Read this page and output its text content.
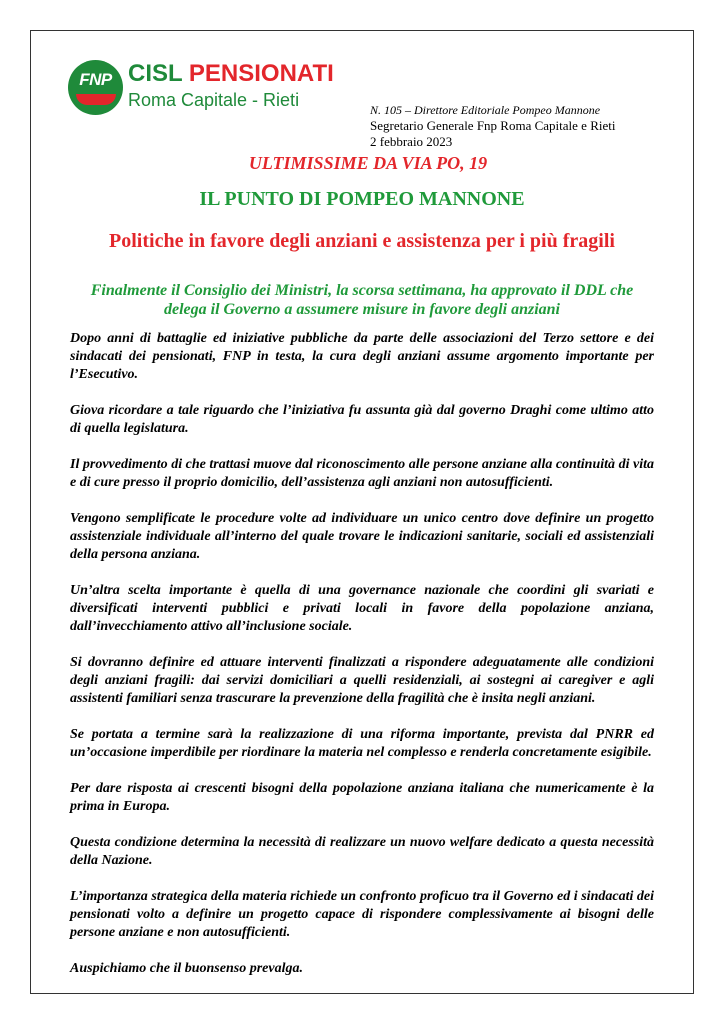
FNP CISL PENSIONATI
Roma Capitale - Rieti	N. 105 – Direttore Editoriale Pompeo Mannone
Segretario Generale Fnp Roma Capitale e Rieti
2 febbraio 2023
ULTIMISSIME DA VIA PO, 19
IL PUNTO DI POMPEO MANNONE
Politiche in favore degli anziani e assistenza per i più fragili
Finalmente il Consiglio dei Ministri, la scorsa settimana, ha approvato il DDL che delega il Governo a assumere misure in favore degli anziani

Dopo anni di battaglie ed iniziative pubbliche da parte delle associazioni del Terzo settore e dei sindacati dei pensionati, FNP in testa, la cura degli anziani assume argomento importante per l’Esecutivo.

Giova ricordare a tale riguardo che l’iniziativa fu assunta già dal governo Draghi come ultimo atto di quella legislatura.

Il provvedimento di che trattasi muove dal riconoscimento alle persone anziane alla continuità di vita e di cure presso il proprio domicilio, dell’assistenza agli anziani non autosufficienti.

Vengono semplificate le procedure volte ad individuare un unico centro dove definire un progetto assistenziale individuale all’interno del quale trovare le indicazioni sanitarie, sociali ed assistenziali della persona anziana.

Un’altra scelta importante è quella di una governance nazionale che coordini gli svariati e diversificati interventi pubblici e privati locali in favore della popolazione anziana, dall’invecchiamento attivo all’inclusione sociale.

Si dovranno definire ed attuare interventi finalizzati a rispondere adeguatamente alle condizioni degli anziani fragili: dai servizi domiciliari a quelli residenziali, ai sostegni ai caregiver e agli assistenti familiari senza trascurare la prevenzione della fragilità che è insita negli anziani.

Se portata a termine sarà la realizzazione di una riforma importante, prevista dal PNRR ed un’occasione imperdibile per riordinare la materia nel complesso e renderla concretamente esigibile.

Per dare risposta ai crescenti bisogni della popolazione anziana italiana che numericamente è la prima in Europa.

Questa condizione determina la necessità di realizzare un nuovo welfare dedicato a questa necessità della Nazione.

L’importanza strategica della materia richiede un confronto proficuo tra il Governo ed i sindacati dei pensionati volto a definire un progetto capace di rispondere complessivamente ai bisogni delle persone anziane e non autosufficienti.

Auspichiamo che il buonsenso prevalga.
